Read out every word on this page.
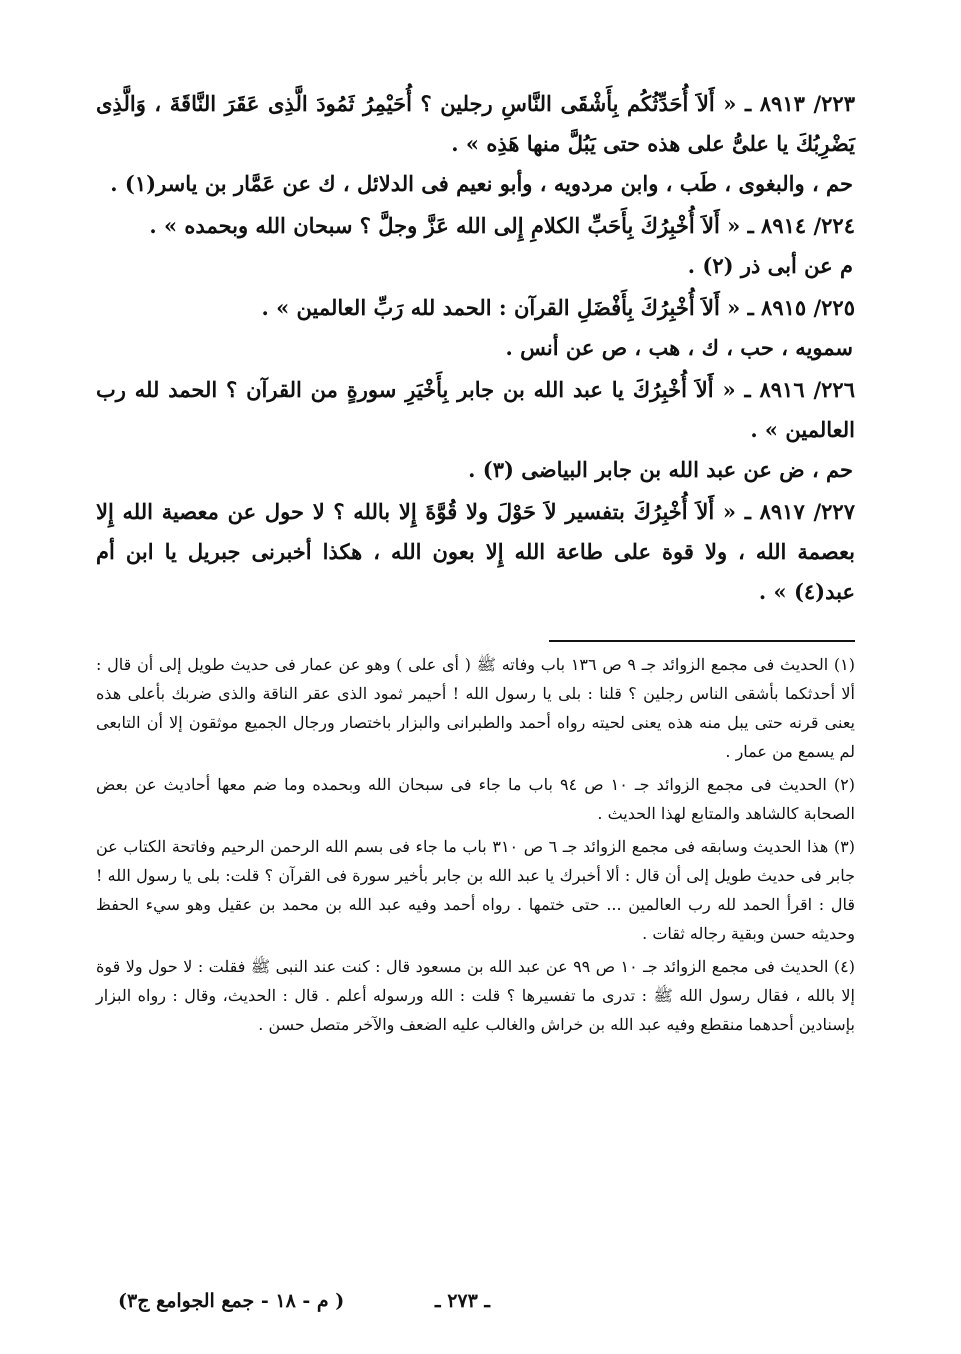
٢٢٣/ ٨٩١٣ ـ « أَلاَ أُحَدِّثُكُم بِأَشْقَى النَّاسِ رجلين ؟ أُحَيْمِرُ ثَمُودَ الَّذِى عَقَرَ النَّاقَةَ ، وَالَّذِى يَضْرِبُكَ يا علىُّ على هذه حتى يَبُلَّ منها هَذِه » .

حم ، والبغوى ، طَب ، وابن مردويه ، وأبو نعيم فى الدلائل ، ك عن عَمَّار بن ياسر(١) .

٢٢٤/ ٨٩١٤ ـ « أَلاَ أُخْبِرُكَ بِأَحَبِّ الكلامِ إِلى الله عَزَّ وجلَّ ؟ سبحان الله وبحمده » .

م عن أبى ذر (٢) .

٢٢٥/ ٨٩١٥ ـ « أَلاَ أُخْبِرُكَ بِأَفْضَلِ القرآن : الحمد لله رَبِّ العالمين » .

سمويه ، حب ، ك ، هب ، ص عن أنس .

٢٢٦/ ٨٩١٦ ـ « أَلاَ أُخْبِرُكَ يا عبد الله بن جابر بِأَخْيَرِ سورةٍ من القرآن ؟ الحمد لله رب العالمين » .

حم ، ض عن عبد الله بن جابر البياضى (٣) .

٢٢٧/ ٨٩١٧ ـ « أَلاَ أُخْبِرُكَ بتفسير لاَ حَوْلَ ولا قُوَّةَ إِلا بالله ؟ لا حول عن معصية الله إِلا بعصمة الله ، ولا قوة على طاعة الله إِلا بعون الله ، هكذا أخبرنى جبريل يا ابن أم عبد(٤) » .

(١) الحديث فى مجمع الزوائد جـ ٩ ص ١٣٦ باب وفاته ﷺ ( أى على ) وهو عن عمار فى حديث طويل إلى أن قال : ألا أحدثكما بأشقى الناس رجلين ؟ قلنا : بلى يا رسول الله ! أحيمر ثمود الذى عقر الناقة والذى ضربك بأعلى هذه يعنى قرنه حتى يبل منه هذه يعنى لحيته رواه أحمد والطبرانى والبزار باختصار ورجال الجميع موثقون إلا أن التابعى لم يسمع من عمار .

(٢) الحديث فى مجمع الزوائد جـ ١٠ ص ٩٤ باب ما جاء فى سبحان الله وبحمده وما ضم معها أحاديث عن بعض الصحابة كالشاهد والمتابع لهذا الحديث .

(٣) هذا الحديث وسابقه فى مجمع الزوائد جـ ٦ ص ٣١٠ باب ما جاء فى بسم الله الرحمن الرحيم وفاتحة الكتاب عن جابر فى حديث طويل إلى أن قال : ألا أخبرك يا عبد الله بن جابر بأخير سورة فى القرآن ؟ قلت: بلى يا رسول الله ! قال : اقرأ الحمد لله رب العالمين ... حتى ختمها . رواه أحمد وفيه عبد الله بن محمد بن عقيل وهو سيء الحفظ وحديثه حسن وبقية رجاله ثقات .

(٤) الحديث فى مجمع الزوائد جـ ١٠ ص ٩٩ عن عبد الله بن مسعود قال : كنت عند النبى ﷺ فقلت : لا حول ولا قوة إلا بالله ، فقال رسول الله ﷺ : تدرى ما تفسيرها ؟ قلت : الله ورسوله أعلم . قال : الحديث، وقال : رواه البزار بإسنادين أحدهما منقطع وفيه عبد الله بن خراش والغالب عليه الضعف والآخر متصل حسن .

ـ ٢٧٣ ـ
( م - ١٨ - جمع الجوامع ج٣)
